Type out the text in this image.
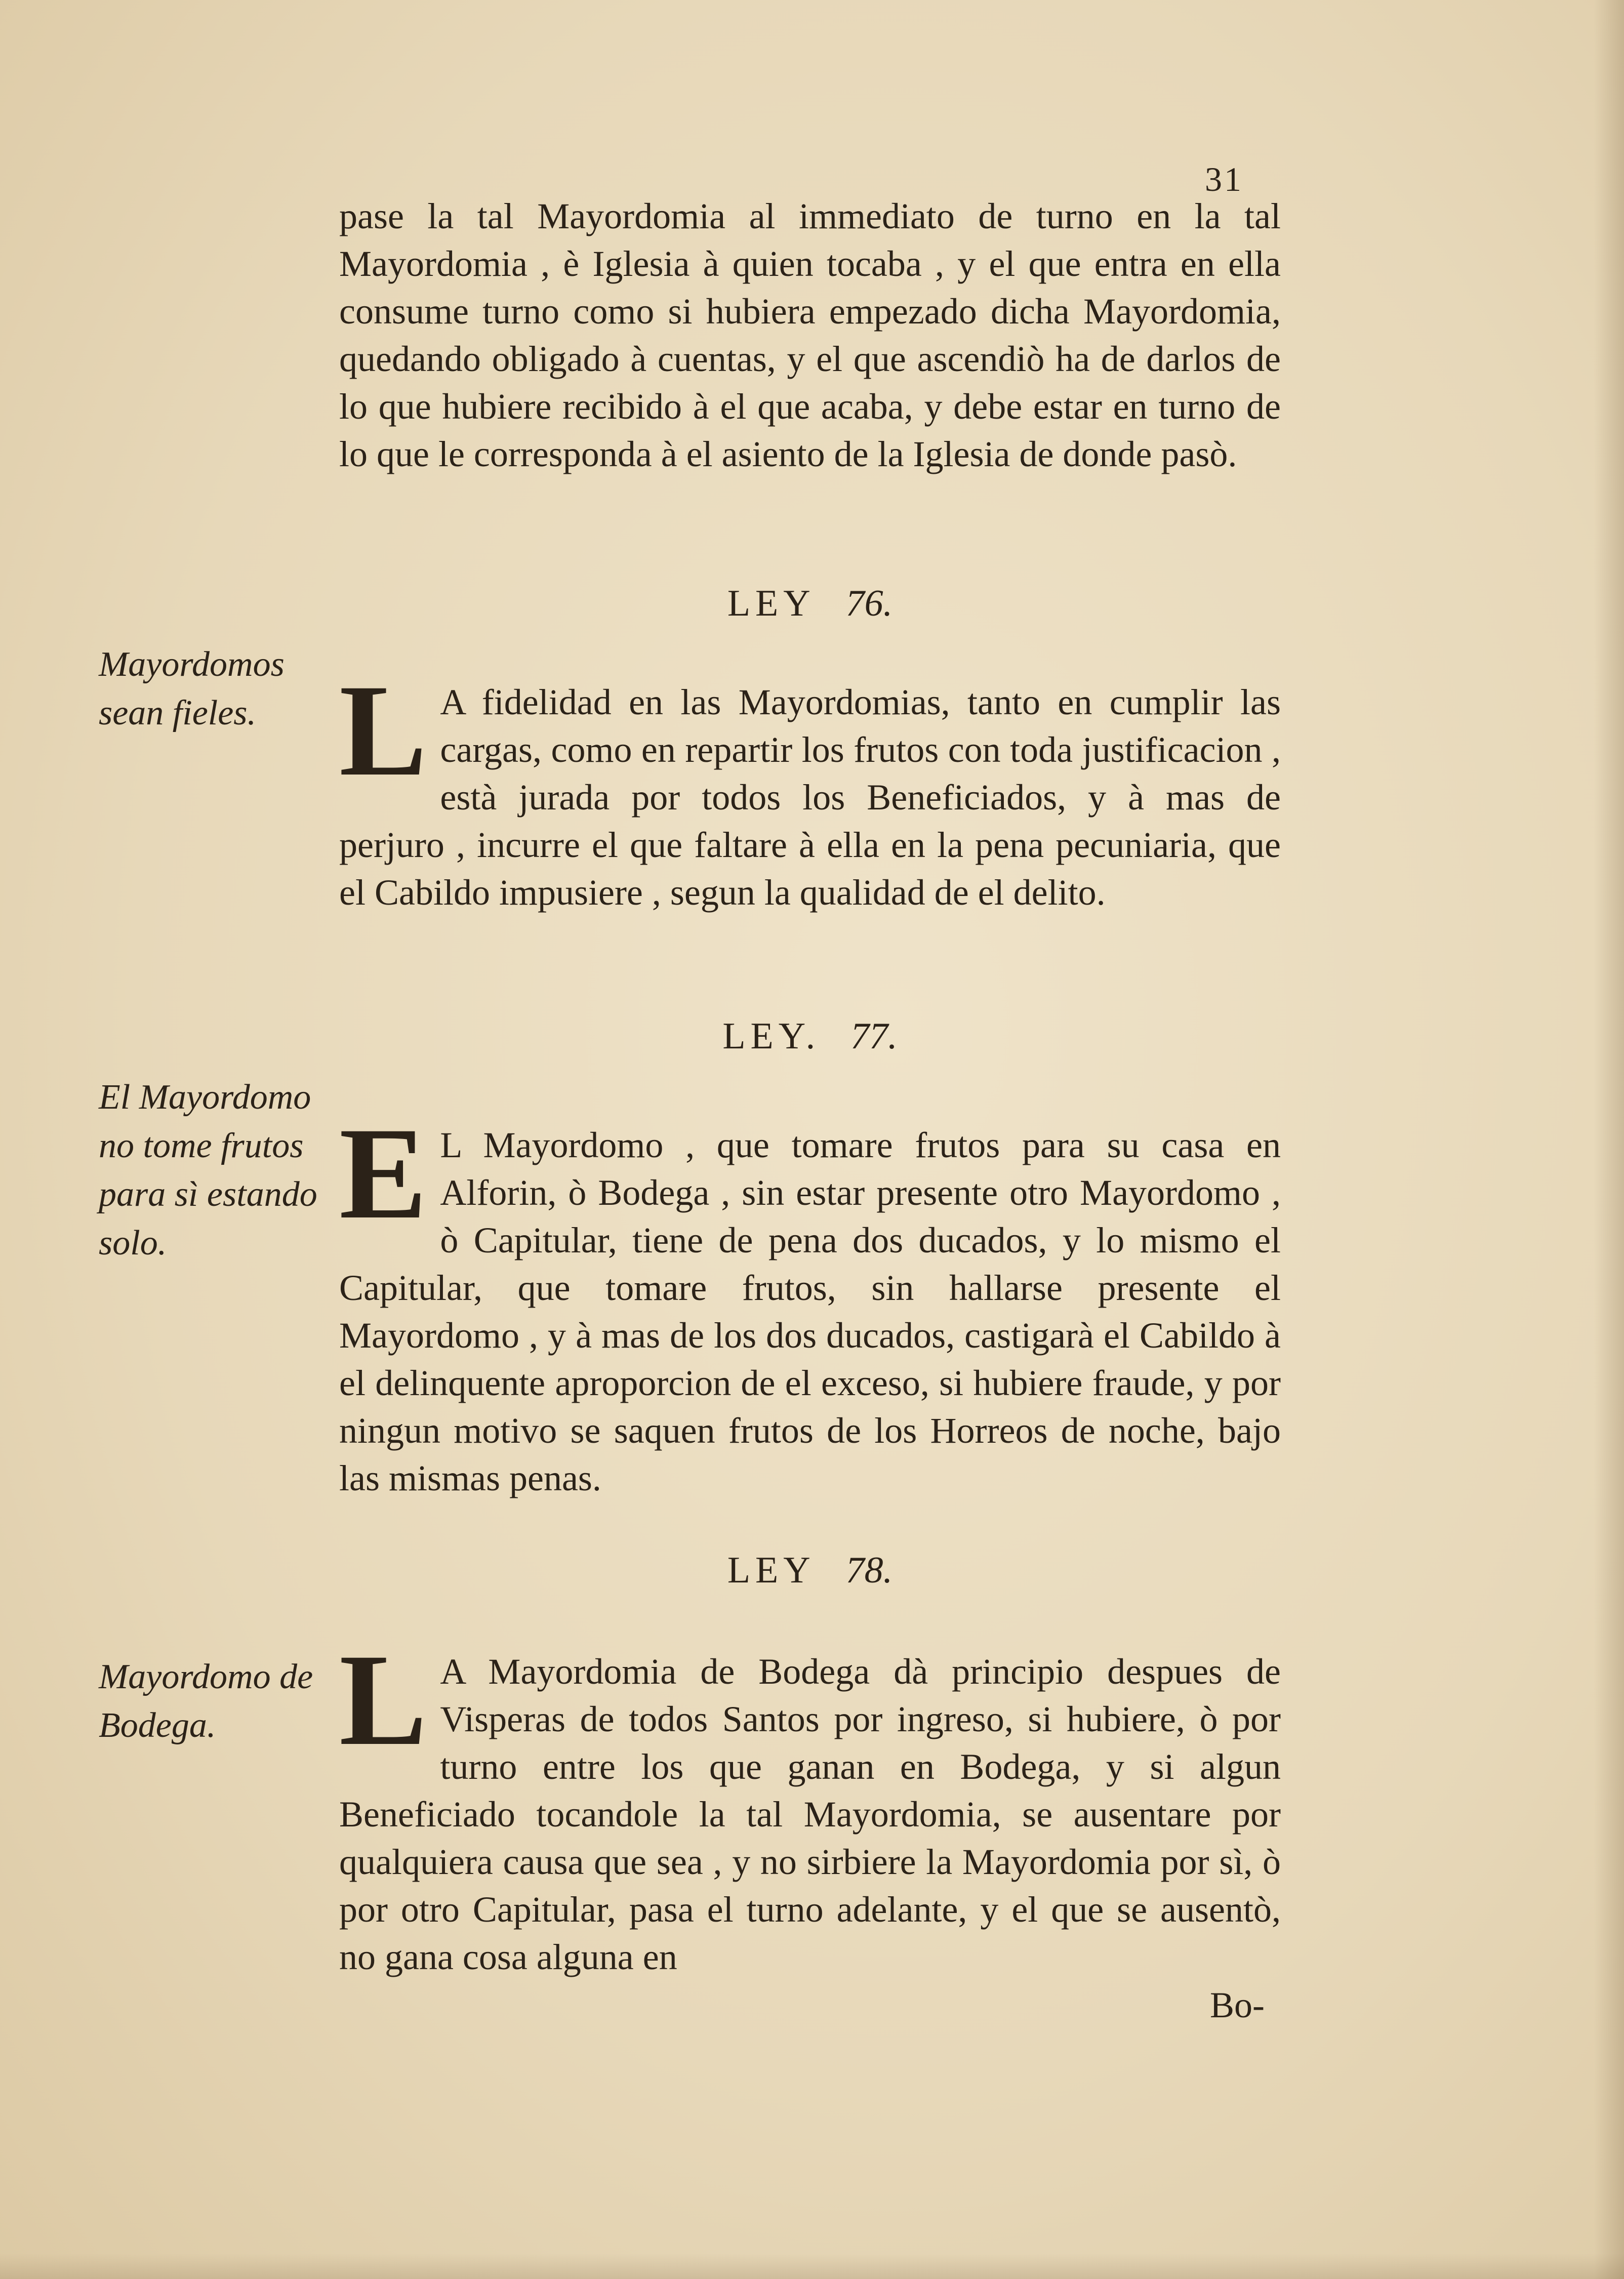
31

pase la tal Mayordomia al immediato de turno en la tal Mayordomia , è Iglesia à quien tocaba , y el que entra en ella consume turno como si hubiera empezado dicha Mayordomia, quedando obligado à cuentas, y el que ascendiò ha de darlos de lo que hubiere recibido à el que acaba, y debe estar en turno de lo que le corresponda à el asiento de la Iglesia de donde pasò.

LEY 76.
Mayordomos sean fieles. L A fidelidad en las Mayordomias, tanto en cumplir las cargas, como en repartir los frutos con toda justificacion , està jurada por todos los Beneficiados, y à mas de perjuro , incurre el que faltare à ella en la pena pecuniaria, que el Cabildo impusiere , segun la qualidad de el delito.

LEY. 77.
El Mayordomo no tome frutos para sì estando solo.	E L Mayordomo , que tomare frutos para su casa en Alforin, ò Bodega , sin estar presente otro Mayordomo , ò Capitular, tiene de pena dos ducados, y lo mismo el Capitular, que tomare frutos, sin hallarse presente el Mayordomo , y à mas de los dos ducados, castigarà el Cabildo à el delinquente aproporcion de el exceso, si hubiere fraude, y por ningun motivo se saquen frutos de los Horreos de noche, bajo las mismas penas.

LEY 78.
Mayordomo de Bodega. L A Mayordomia de Bodega dà principio despues de Visperas de todos Santos por ingreso, si hubiere, ò por turno entre los que ganan en Bodega, y si algun Beneficiado tocandole la tal Mayordomia, se ausentare por qualquiera causa que sea , y no sirbiere la Mayordomia por sì, ò por otro Capitular, pasa el turno adelante, y el que se ausentò, no gana cosa alguna en

Bo-
